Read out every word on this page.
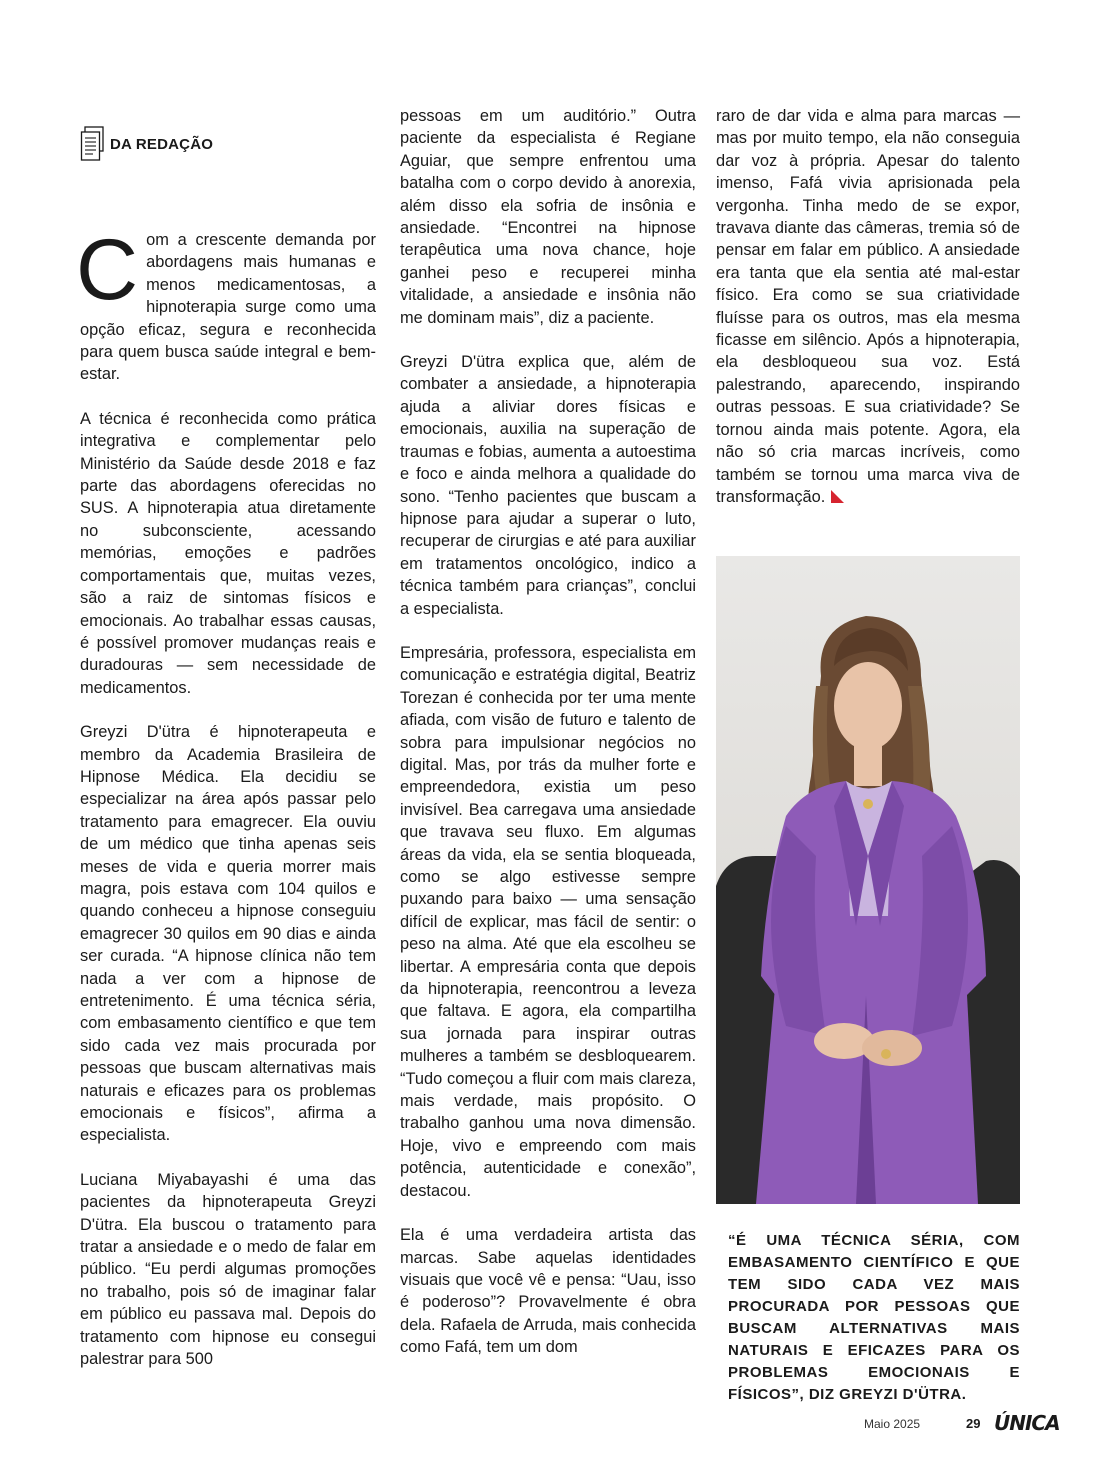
DA REDAÇÃO

Com a crescente demanda por abordagens mais humanas e menos medicamentosas, a hipnoterapia surge como uma opção eficaz, segura e reconhecida para quem busca saúde integral e bem-estar.

A técnica é reconhecida como prática integrativa e complementar pelo Ministério da Saúde desde 2018 e faz parte das abordagens oferecidas no SUS. A hipnoterapia atua diretamente no subconsciente, acessando memórias, emoções e padrões comportamentais que, muitas vezes, são a raiz de sintomas físicos e emocionais. Ao trabalhar essas causas, é possível promover mudanças reais e duradouras — sem necessidade de medicamentos.

Greyzi D'ütra é hipnoterapeuta e membro da Academia Brasileira de Hipnose Médica. Ela decidiu se especializar na área após passar pelo tratamento para emagrecer. Ela ouviu de um médico que tinha apenas seis meses de vida e queria morrer mais magra, pois estava com 104 quilos e quando conheceu a hipnose conseguiu emagrecer 30 quilos em 90 dias e ainda ser curada. “A hipnose clínica não tem nada a ver com a hipnose de entretenimento. É uma técnica séria, com embasamento científico e que tem sido cada vez mais procurada por pessoas que buscam alternativas mais naturais e eficazes para os problemas emocionais e físicos”, afirma a especialista.

Luciana Miyabayashi é uma das pacientes da hipnoterapeuta Greyzi D'ütra. Ela buscou o tratamento para tratar a ansiedade e o medo de falar em público. “Eu perdi algumas promoções no trabalho, pois só de imaginar falar em público eu passava mal. Depois do tratamento com hipnose eu consegui palestrar para 500

pessoas em um auditório.” Outra paciente da especialista é Regiane Aguiar, que sempre enfrentou uma batalha com o corpo devido à anorexia, além disso ela sofria de insônia e ansiedade. “Encontrei na hipnose terapêutica uma nova chance, hoje ganhei peso e recuperei minha vitalidade, a ansiedade e insônia não me dominam mais”, diz a paciente.

Greyzi D'ütra explica que, além de combater a ansiedade, a hipnoterapia ajuda a aliviar dores físicas e emocionais, auxilia na superação de traumas e fobias, aumenta a autoestima e foco e ainda melhora a qualidade do sono. “Tenho pacientes que buscam a hipnose para ajudar a superar o luto, recuperar de cirurgias e até para auxiliar em tratamentos oncológico, indico a técnica também para crianças”, conclui a especialista.

Empresária, professora, especialista em comunicação e estratégia digital, Beatriz Torezan é conhecida por ter uma mente afiada, com visão de futuro e talento de sobra para impulsionar negócios no digital. Mas, por trás da mulher forte e empreendedora, existia um peso invisível. Bea carregava uma ansiedade que travava seu fluxo. Em algumas áreas da vida, ela se sentia bloqueada, como se algo estivesse sempre puxando para baixo — uma sensação difícil de explicar, mas fácil de sentir: o peso na alma. Até que ela escolheu se libertar. A empresária conta que depois da hipnoterapia, reencontrou a leveza que faltava. E agora, ela compartilha sua jornada para inspirar outras mulheres a também se desbloquearem. “Tudo começou a fluir com mais clareza, mais verdade, mais propósito. O trabalho ganhou uma nova dimensão. Hoje, vivo e empreendo com mais potência, autenticidade e conexão”, destacou.

Ela é uma verdadeira artista das marcas. Sabe aquelas identidades visuais que você vê e pensa: “Uau, isso é poderoso”? Provavelmente é obra dela. Rafaela de Arruda, mais conhecida como Fafá, tem um dom

raro de dar vida e alma para marcas — mas por muito tempo, ela não conseguia dar voz à própria. Apesar do talento imenso, Fafá vivia aprisionada pela vergonha. Tinha medo de se expor, travava diante das câmeras, tremia só de pensar em falar em público. A ansiedade era tanta que ela sentia até mal-estar físico. Era como se sua criatividade fluísse para os outros, mas ela mesma ficasse em silêncio. Após a hipnoterapia, ela desbloqueou sua voz. Está palestrando, aparecendo, inspirando outras pessoas. E sua criatividade? Se tornou ainda mais potente. Agora, ela não só cria marcas incríveis, como também se tornou uma marca viva de transformação.

“É UMA TÉCNICA SÉRIA, COM EMBASAMENTO CIENTÍFICO E QUE TEM SIDO CADA VEZ MAIS PROCURADA POR PESSOAS QUE BUSCAM ALTERNATIVAS MAIS NATURAIS E EFICAZES PARA OS PROBLEMAS EMOCIONAIS E FÍSICOS”, DIZ GREYZI D'ÜTRA.
Maio 2025	29 ÚNICA
